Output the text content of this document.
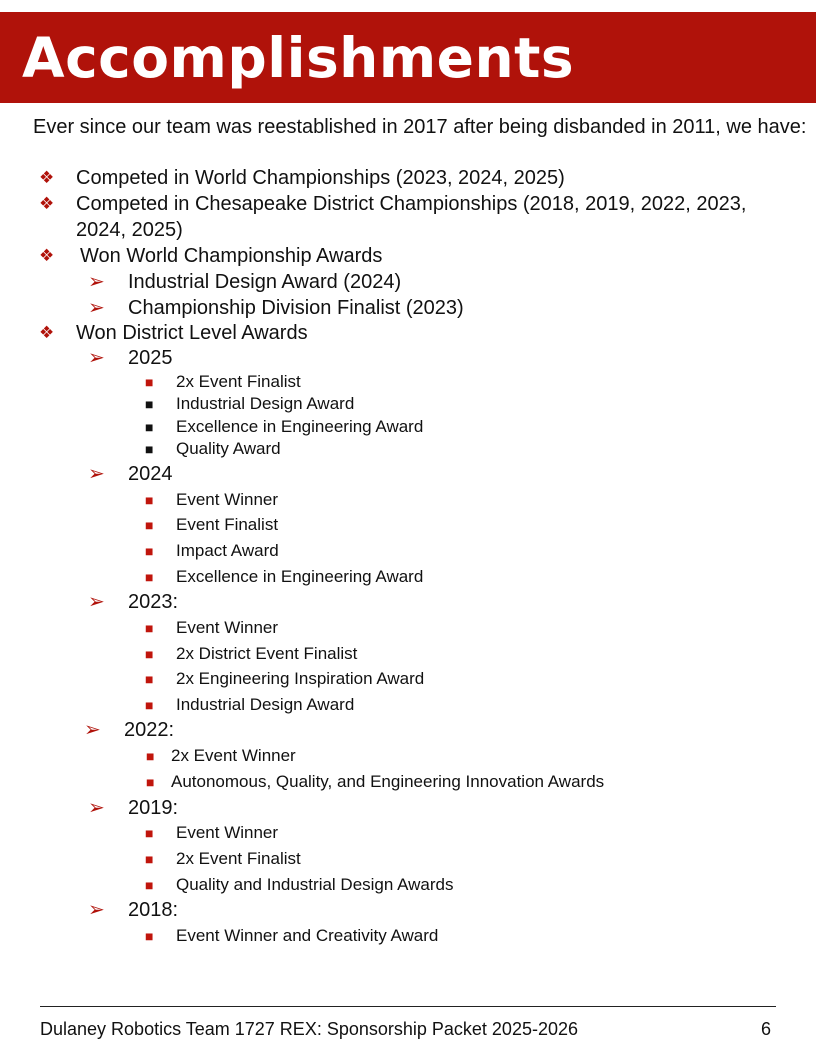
Accomplishments

Ever since our team was reestablished in 2017 after being disbanded in 2011, we have:

❖ Competed in World Championships (2023, 2024, 2025)
❖ Competed in Chesapeake District Championships (2018, 2019, 2022, 2023,
2024, 2025)
❖ Won World Championship Awards
➢ Industrial Design Award (2024)
➢ Championship Division Finalist (2023)
❖ Won District Level Awards
➢ 2025
■ 2x Event Finalist
■ Industrial Design Award
■ Excellence in Engineering Award
■ Quality Award
➢ 2024
■ Event Winner
■ Event Finalist
■ Impact Award
■ Excellence in Engineering Award
➢ 2023:
■ Event Winner
■ 2x District Event Finalist
■ 2x Engineering Inspiration Award
■ Industrial Design Award
➢ 2022:
■ 2x Event Winner
■ Autonomous, Quality, and Engineering Innovation Awards
➢ 2019:
■ Event Winner
■ 2x Event Finalist
■ Quality and Industrial Design Awards
➢ 2018:
■ Event Winner and Creativity Award
Dulaney Robotics Team 1727 REX: Sponsorship Packet 2025-2026	6
